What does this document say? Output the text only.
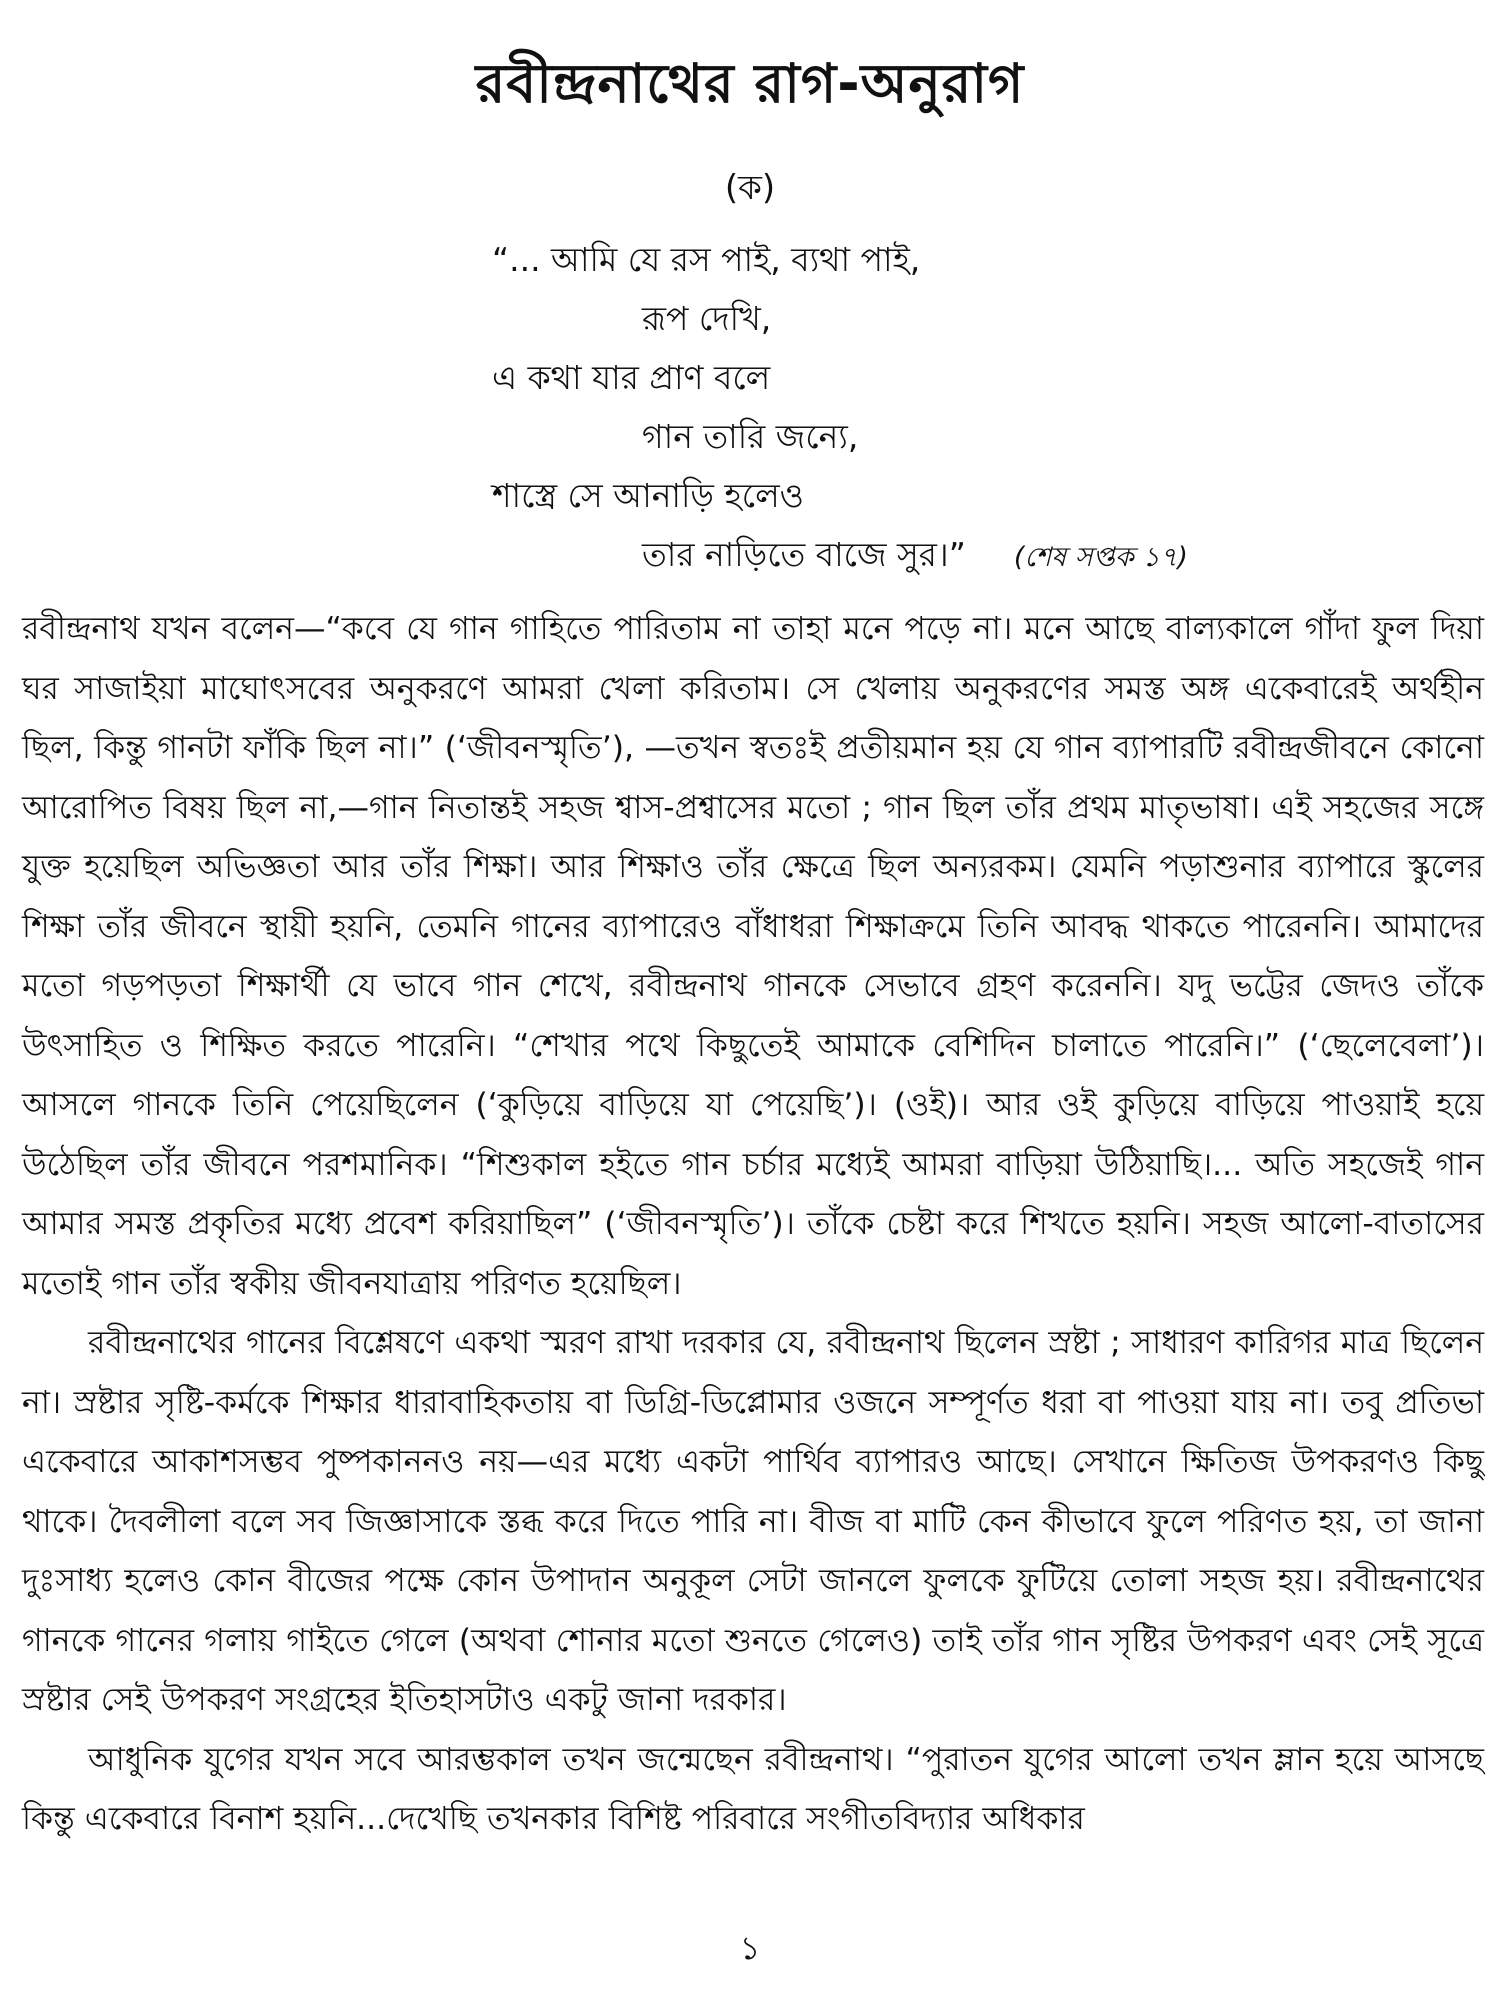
রবীন্দ্রনাথের রাগ-অনুরাগ
(ক)
“... আমি যে রস পাই, ব্যথা পাই,
রূপ দেখি,
এ কথা যার প্রাণ বলে
গান তারি জন্যে,
শাস্ত্রে সে আনাড়ি হলেও
তার নাড়িতে বাজে সুর।” (শেষ সপ্তক ১৭)

রবীন্দ্রনাথ যখন বলেন—“কবে যে গান গাহিতে পারিতাম না তাহা মনে পড়ে না। মনে আছে বাল্যকালে গাঁদা ফুল দিয়া ঘর সাজাইয়া মাঘোৎসবের অনুকরণে আমরা খেলা করিতাম। সে খেলায় অনুকরণের সমস্ত অঙ্গ একেবারেই অর্থহীন ছিল, কিন্তু গানটা ফাঁকি ছিল না।” (‘জীবনস্মৃতি’), —তখন স্বতঃই প্রতীয়মান হয় যে গান ব্যাপারটি রবীন্দ্রজীবনে কোনো আরোপিত বিষয় ছিল না,—গান নিতান্তই সহজ শ্বাস-প্রশ্বাসের মতো ; গান ছিল তাঁর প্রথম মাতৃভাষা। এই সহজের সঙ্গে যুক্ত হয়েছিল অভিজ্ঞতা আর তাঁর শিক্ষা। আর শিক্ষাও তাঁর ক্ষেত্রে ছিল অন্যরকম। যেমনি পড়াশুনার ব্যাপারে স্কুলের শিক্ষা তাঁর জীবনে স্থায়ী হয়নি, তেমনি গানের ব্যাপারেও বাঁধাধরা শিক্ষাক্রমে তিনি আবদ্ধ থাকতে পারেননি। আমাদের মতো গড়পড়তা শিক্ষার্থী যে ভাবে গান শেখে, রবীন্দ্রনাথ গানকে সেভাবে গ্রহণ করেননি। যদু ভট্টের জেদও তাঁকে উৎসাহিত ও শিক্ষিত করতে পারেনি। “শেখার পথে কিছুতেই আমাকে বেশিদিন চালাতে পারেনি।” (‘ছেলেবেলা’)। আসলে গানকে তিনি পেয়েছিলেন (‘কুড়িয়ে বাড়িয়ে যা পেয়েছি’)। (ওই)। আর ওই কুড়িয়ে বাড়িয়ে পাওয়াই হয়ে উঠেছিল তাঁর জীবনে পরশমানিক। “শিশুকাল হইতে গান চর্চার মধ্যেই আমরা বাড়িয়া উঠিয়াছি।... অতি সহজেই গান আমার সমস্ত প্রকৃতির মধ্যে প্রবেশ করিয়াছিল” (‘জীবনস্মৃতি’)। তাঁকে চেষ্টা করে শিখতে হয়নি। সহজ আলো-বাতাসের মতোই গান তাঁর স্বকীয় জীবনযাত্রায় পরিণত হয়েছিল।

রবীন্দ্রনাথের গানের বিশ্লেষণে একথা স্মরণ রাখা দরকার যে, রবীন্দ্রনাথ ছিলেন স্রষ্টা ; সাধারণ কারিগর মাত্র ছিলেন না। স্রষ্টার সৃষ্টি-কর্মকে শিক্ষার ধারাবাহিকতায় বা ডিগ্রি-ডিপ্লোমার ওজনে সম্পূর্ণত ধরা বা পাওয়া যায় না। তবু প্রতিভা একেবারে আকাশসম্ভব পুষ্পকাননও নয়—এর মধ্যে একটা পার্থিব ব্যাপারও আছে। সেখানে ক্ষিতিজ উপকরণও কিছু থাকে। দৈবলীলা বলে সব জিজ্ঞাসাকে স্তব্ধ করে দিতে পারি না। বীজ বা মাটি কেন কীভাবে ফুলে পরিণত হয়, তা জানা দুঃসাধ্য হলেও কোন বীজের পক্ষে কোন উপাদান অনুকূল সেটা জানলে ফুলকে ফুটিয়ে তোলা সহজ হয়। রবীন্দ্রনাথের গানকে গানের গলায় গাইতে গেলে (অথবা শোনার মতো শুনতে গেলেও) তাই তাঁর গান সৃষ্টির উপকরণ এবং সেই সূত্রে স্রষ্টার সেই উপকরণ সংগ্রহের ইতিহাসটাও একটু জানা দরকার।

আধুনিক যুগের যখন সবে আরম্ভকাল তখন জন্মেছেন রবীন্দ্রনাথ। “পুরাতন যুগের আলো তখন ম্লান হয়ে আসছে কিন্তু একেবারে বিনাশ হয়নি...দেখেছি তখনকার বিশিষ্ট পরিবারে সংগীতবিদ্যার অধিকার

১
